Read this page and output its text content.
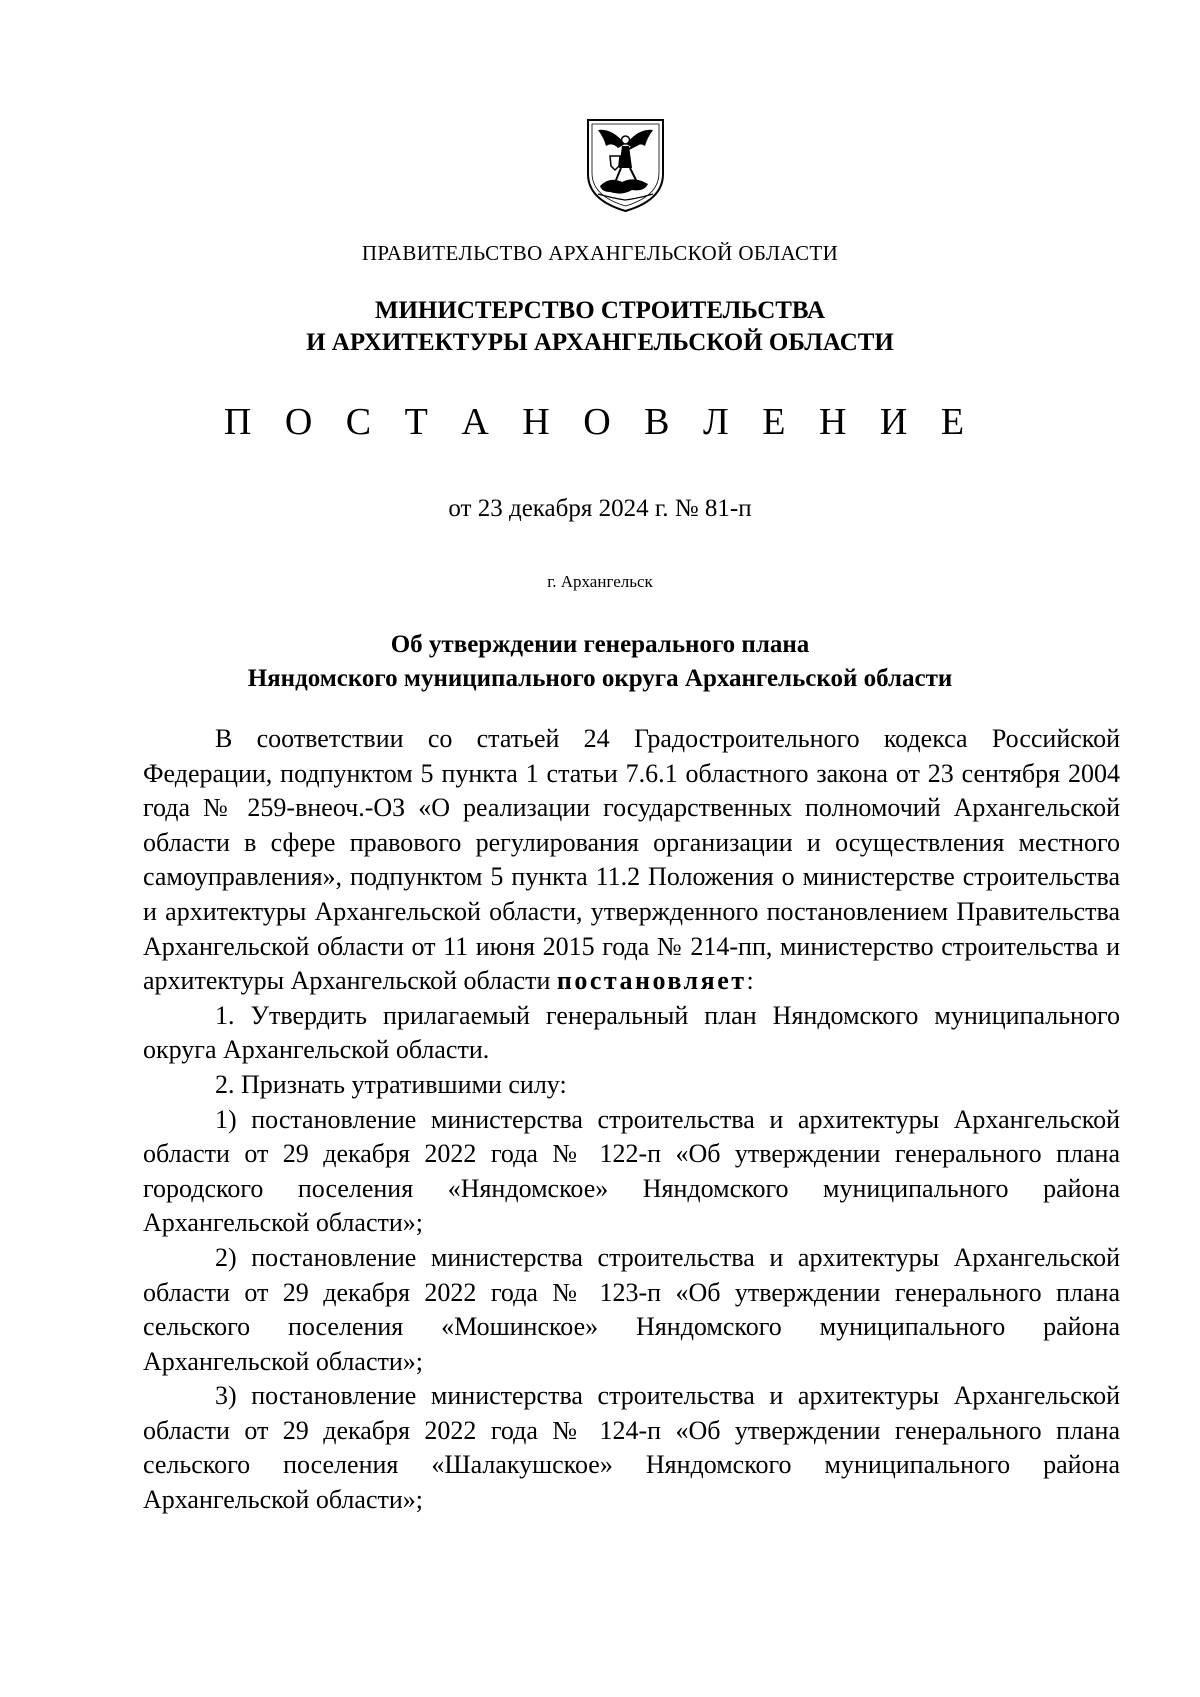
ПРАВИТЕЛЬСТВО АРХАНГЕЛЬСКОЙ ОБЛАСТИ

МИНИСТЕРСТВО СТРОИТЕЛЬСТВА
И АРХИТЕКТУРЫ АРХАНГЕЛЬСКОЙ ОБЛАСТИ

П О С Т А Н О В Л Е Н И Е

от 23 декабря 2024 г. № 81-п

г. Архангельск

Об утверждении генерального плана
Няндомского муниципального округа Архангельской области

В соответствии со статьей 24 Градостроительного кодекса Российской Федерации, подпунктом 5 пункта 1 статьи 7.6.1 областного закона от 23 сентября 2004 года № 259-внеоч.-ОЗ «О реализации государственных полномочий Архангельской области в сфере правового регулирования организации и осуществления местного самоуправления», подпунктом 5 пункта 11.2 Положения о министерстве строительства и архитектуры Архангельской области, утвержденного постановлением Правительства Архангельской области от 11 июня 2015 года № 214-пп, министерство строительства и архитектуры Архангельской области постановляет:

1. Утвердить прилагаемый генеральный план Няндомского муниципального округа Архангельской области.

2. Признать утратившими силу:

1) постановление министерства строительства и архитектуры Архангельской области от 29 декабря 2022 года № 122-п «Об утверждении генерального плана городского поселения «Няндомское» Няндомского муниципального района Архангельской области»;

2) постановление министерства строительства и архитектуры Архангельской области от 29 декабря 2022 года № 123-п «Об утверждении генерального плана сельского поселения «Мошинское» Няндомского муниципального района Архангельской области»;

3) постановление министерства строительства и архитектуры Архангельской области от 29 декабря 2022 года № 124-п «Об утверждении генерального плана сельского поселения «Шалакушское» Няндомского муниципального района Архангельской области»;
